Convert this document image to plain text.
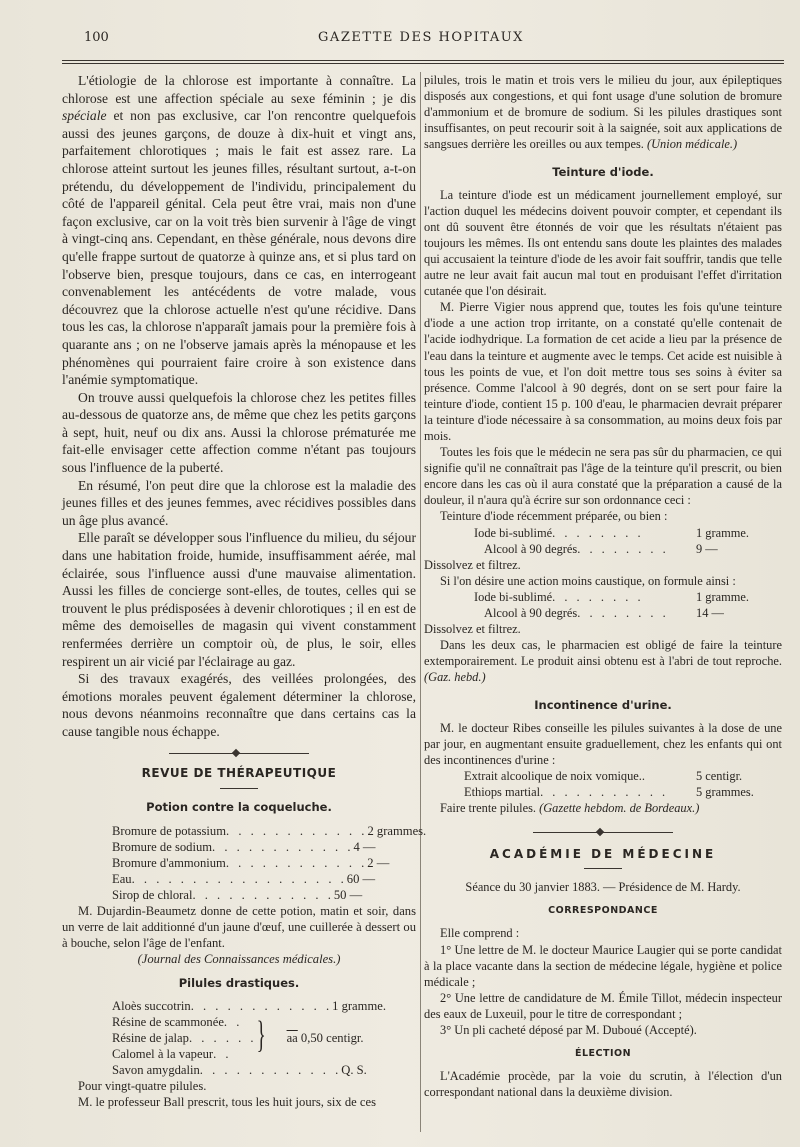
100	GAZETTE DES HOPITAUX

L'étiologie de la chlorose est importante à connaître. La chlorose est une affection spéciale au sexe féminin ; je dis spéciale et non pas exclusive, car l'on rencontre quelquefois aussi des jeunes garçons, de douze à dix-huit et vingt ans, parfaitement chlorotiques ; mais le fait est assez rare. La chlorose atteint surtout les jeunes filles, résultant surtout, a-t-on prétendu, du développement de l'individu, principalement du côté de l'appareil génital. Cela peut être vrai, mais non d'une façon exclusive, car on la voit très bien survenir à l'âge de vingt à vingt-cinq ans. Cependant, en thèse générale, nous devons dire qu'elle frappe surtout de quatorze à quinze ans, et si plus tard on l'observe bien, presque toujours, dans ce cas, en interrogeant convenablement les antécédents de votre malade, vous découvrez que la chlorose actuelle n'est qu'une récidive. Dans tous les cas, la chlorose n'apparaît jamais pour la première fois à quarante ans ; on ne l'observe jamais après la ménopause et les phénomènes qui pourraient faire croire à son existence dans l'anémie symptomatique.

On trouve aussi quelquefois la chlorose chez les petites filles au-dessous de quatorze ans, de même que chez les petits garçons à sept, huit, neuf ou dix ans. Aussi la chlorose prématurée me fait-elle envisager cette affection comme n'étant pas toujours sous l'influence de la puberté.

En résumé, l'on peut dire que la chlorose est la maladie des jeunes filles et des jeunes femmes, avec récidives possibles dans un âge plus avancé.

Elle paraît se développer sous l'influence du milieu, du séjour dans une habitation froide, humide, insuffisamment aérée, mal éclairée, sous l'influence aussi d'une mauvaise alimentation. Aussi les filles de concierge sont-elles, de toutes, celles qui se trouvent le plus prédisposées à devenir chlorotiques ; il en est de même des demoiselles de magasin qui vivent constamment renfermées derrière un comptoir où, de plus, le soir, elles respirent un air vicié par l'éclairage au gaz.

Si des travaux exagérés, des veillées prolongées, des émotions morales peuvent également déterminer la chlorose, nous devons néanmoins reconnaître que dans certains cas la cause tangible nous échappe.

REVUE DE THÉRAPEUTIQUE
Potion contre la coqueluche.
Bromure de potassium . . . . . . . . . . . . 2 grammes.
Bromure de sodium . . . . . . . . . . . . 4 —
Bromure d'ammonium . . . . . . . . . . . . 2 —
Eau . . . . . . . . . . . . . . . . . . 60 —
Sirop de chloral . . . . . . . . . . . . 50 —

M. Dujardin-Beaumetz donne de cette potion, matin et soir, dans un verre de lait additionné d'un jaune d'œuf, une cuillerée à dessert ou à bouche, selon l'âge de l'enfant.

(Journal des Connaissances médicales.)

Pilules drastiques.
Aloès succotrin . . . . . . . . . . . . 1 gramme.
Résine de scammonée . .
Résine de jalap . . . . . . $\overline{aa}$ 0,50 centigr.
Calomel à la vapeur . .
Savon amygdalin . . . . . . . . . . . . Q. S.
}

Pour vingt-quatre pilules.

M. le professeur Ball prescrit, tous les huit jours, six de ces

pilules, trois le matin et trois vers le milieu du jour, aux épileptiques disposés aux congestions, et qui font usage d'une solution de bromure d'ammonium et de bromure de sodium. Si les pilules drastiques sont insuffisantes, on peut recourir soit à la saignée, soit aux applications de sangsues derrière les oreilles ou aux tempes. (Union médicale.)

Teinture d'iode.

La teinture d'iode est un médicament journellement employé, sur l'action duquel les médecins doivent pouvoir compter, et cependant ils ont dû souvent être étonnés de voir que les résultats n'étaient pas toujours les mêmes. Ils ont entendu sans doute les plaintes des malades qui accusaient la teinture d'iode de les avoir fait souffrir, tandis que telle autre ne leur avait fait aucun mal tout en produisant l'effet d'irritation cutanée que l'on désirait.

M. Pierre Vigier nous apprend que, toutes les fois qu'une teinture d'iode a une action trop irritante, on a constaté qu'elle contenait de l'acide iodhydrique. La formation de cet acide a lieu par la présence de l'eau dans la teinture et augmente avec le temps. Cet acide est nuisible à tous les points de vue, et l'on doit mettre tous ses soins à éviter sa présence. Comme l'alcool à 90 degrés, dont on se sert pour faire la teinture d'iode, contient 15 p. 100 d'eau, le pharmacien devrait préparer la teinture d'iode nécessaire à sa consommation, au moins deux fois par mois.

Toutes les fois que le médecin ne sera pas sûr du pharmacien, ce qui signifie qu'il ne connaîtrait pas l'âge de la teinture qu'il prescrit, ou bien encore dans les cas où il aura constaté que la préparation a causé de la douleur, il n'aura qu'à écrire sur son ordonnance ceci :

Teinture d'iode récemment préparée, ou bien :

Iode bi-sublimé . . . . . . . .	1 gramme.
Alcool à 90 degrés . . . . . . . .	9 —

Dissolvez et filtrez.

Si l'on désire une action moins caustique, on formule ainsi :

Iode bi-sublimé . . . . . . . .	1 gramme.
Alcool à 90 degrés . . . . . . . .	14 —

Dissolvez et filtrez.

Dans les deux cas, le pharmacien est obligé de faire la teinture extemporairement. Le produit ainsi obtenu est à l'abri de tout reproche. (Gaz. hebd.)

Incontinence d'urine.

M. le docteur Ribes conseille les pilules suivantes à la dose de une par jour, en augmentant ensuite graduellement, chez les enfants qui ont des incontinences d'urine :

Extrait alcoolique de noix vomique..	5 centigr.
Ethiops martial . . . . . . . . . . .	5 grammes.

Faire trente pilules. (Gazette hebdom. de Bordeaux.)

ACADÉMIE DE MÉDECINE

Séance du 30 janvier 1883. — Présidence de M. Hardy.

CORRESPONDANCE

Elle comprend :

1° Une lettre de M. le docteur Maurice Laugier qui se porte candidat à la place vacante dans la section de médecine légale, hygiène et police médicale ;

2° Une lettre de candidature de M. Émile Tillot, médecin inspecteur des eaux de Luxeuil, pour le titre de correspondant ;

3° Un pli cacheté déposé par M. Duboué (Accepté).

ÉLECTION

L'Académie procède, par la voie du scrutin, à l'élection d'un correspondant national dans la deuxième division.
